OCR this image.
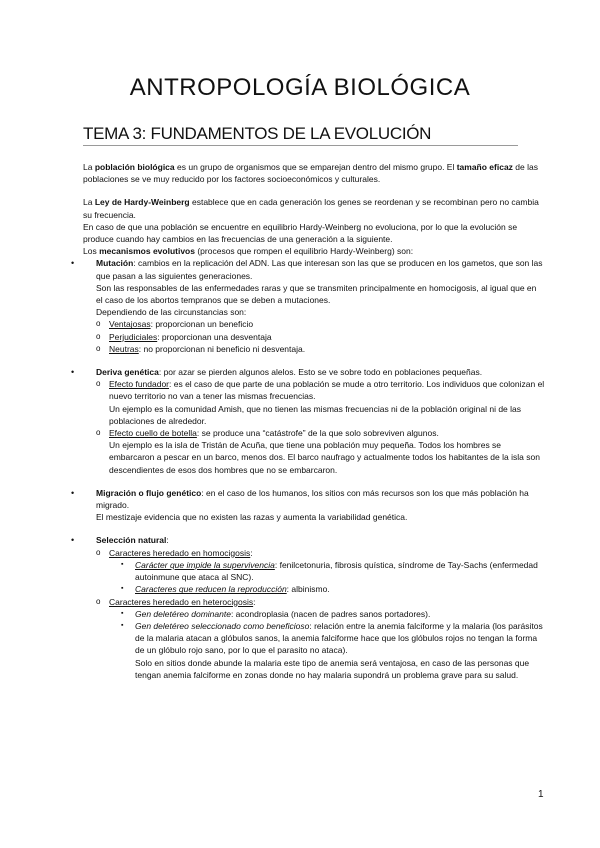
ANTROPOLOGÍA BIOLÓGICA
TEMA 3: FUNDAMENTOS DE LA EVOLUCIÓN

La población biológica es un grupo de organismos que se emparejan dentro del mismo grupo. El tamaño eficaz de las poblaciones se ve muy reducido por los factores socioeconómicos y culturales.

La Ley de Hardy-Weinberg establece que en cada generación los genes se reordenan y se recombinan pero no cambia su frecuencia.

En caso de que una población se encuentre en equilibrio Hardy-Weinberg no evoluciona, por lo que la evolución se produce cuando hay cambios en las frecuencias de una generación a la siguiente.

Los mecanismos evolutivos (procesos que rompen el equilibrio Hardy-Weinberg) son:

•	Mutación: cambios en la replicación del ADN. Las que interesan son las que se producen en los gametos, que son las que pasan a las siguientes generaciones.

Son las responsables de las enfermedades raras y que se transmiten principalmente en homocigosis, al igual que en el caso de los abortos tempranos que se deben a mutaciones.

Dependiendo de las circunstancias son:

o Ventajosas: proporcionan un beneficio

o Perjudiciales: proporcionan una desventaja

o Neutras: no proporcionan ni beneficio ni desventaja.

•	Deriva genética: por azar se pierden algunos alelos. Esto se ve sobre todo en poblaciones pequeñas.

o Efecto fundador: es el caso de que parte de una población se mude a otro territorio. Los individuos que colonizan el nuevo territorio no van a tener las mismas frecuencias.

Un ejemplo es la comunidad Amish, que no tienen las mismas frecuencias ni de la población original ni de las poblaciones de alrededor.

o Efecto cuello de botella: se produce una “catástrofe” de la que solo sobreviven algunos.

Un ejemplo es la isla de Tristán de Acuña, que tiene una población muy pequeña. Todos los hombres se embarcaron a pescar en un barco, menos dos. El barco naufrago y actualmente todos los habitantes de la isla son descendientes de esos dos hombres que no se embarcaron.

•	Migración o flujo genético: en el caso de los humanos, los sitios con más recursos son los que más población ha migrado.

El mestizaje evidencia que no existen las razas y aumenta la variabilidad genética.

•	Selección natural:

o Caracteres heredado en homocigosis:

▪ Carácter que impide la supervivencia: fenilcetonuria, fibrosis quística, síndrome de Tay-Sachs (enfermedad autoinmune que ataca al SNC).

▪ Caracteres que reducen la reproducción: albinismo.

o Caracteres heredado en heterocigosis:

▪ Gen deletéreo dominante: acondroplasia (nacen de padres sanos portadores).

▪ Gen deletéreo seleccionado como beneficioso: relación entre la anemia falciforme y la malaria (los parásitos de la malaria atacan a glóbulos sanos, la anemia falciforme hace que los glóbulos rojos no tengan la forma de un glóbulo rojo sano, por lo que el parasito no ataca).

Solo en sitios donde abunde la malaria este tipo de anemia será ventajosa, en caso de las personas que tengan anemia falciforme en zonas donde no hay malaria supondrá un problema grave para su salud.

1
